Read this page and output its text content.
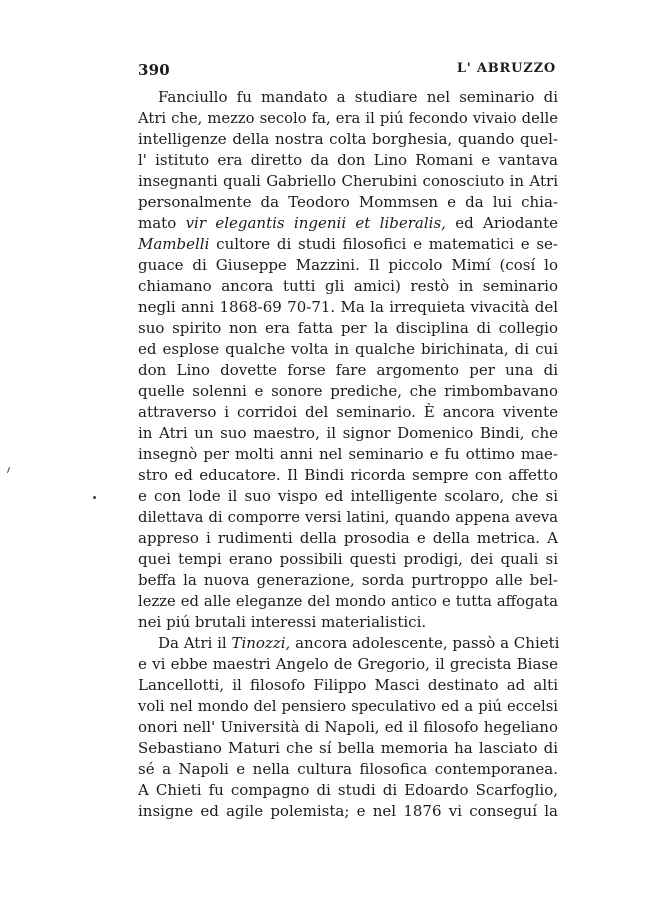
390	L' ABRUZZO
Fanciullo fu mandato a studiare nel seminario di
Atri che, mezzo secolo fa, era il piú fecondo vivaio delle
intelligenze della nostra colta borghesia, quando quel-
l' istituto era diretto da don Lino Romani e vantava
insegnanti quali Gabriello Cherubini conosciuto in Atri
personalmente da Teodoro Mommsen e da lui chia-
mato vir elegantis ingenii et liberalis, ed Ariodante
Mambelli cultore di studi filosofici e matematici e se-
guace di Giuseppe Mazzini. Il piccolo Mimí (cosí lo
chiamano ancora tutti gli amici) restò in seminario
negli anni 1868-69 70-71. Ma la irrequieta vivacità del
suo spirito non era fatta per la disciplina di collegio
ed esplose qualche volta in qualche birichinata, di cui
don Lino dovette forse fare argomento per una di
quelle solenni e sonore prediche, che rimbombavano
attraverso i corridoi del seminario. È ancora vivente
in Atri un suo maestro, il signor Domenico Bindi, che
insegnò per molti anni nel seminario e fu ottimo mae-
stro ed educatore. Il Bindi ricorda sempre con affetto
e con lode il suo vispo ed intelligente scolaro, che si
dilettava di comporre versi latini, quando appena aveva
appreso i rudimenti della prosodia e della metrica. A
quei tempi erano possibili questi prodigi, dei quali si
beffa la nuova generazione, sorda purtroppo alle bel-
lezze ed alle eleganze del mondo antico e tutta affogata
nei piú brutali interessi materialistici.
Da Atri il Tinozzi, ancora adolescente, passò a Chieti
e vi ebbe maestri Angelo de Gregorio, il grecista Biase
Lancellotti, il filosofo Filippo Masci destinato ad alti
voli nel mondo del pensiero speculativo ed a piú eccelsi
onori nell' Università di Napoli, ed il filosofo hegeliano
Sebastiano Maturi che sí bella memoria ha lasciato di
sé a Napoli e nella cultura filosofica contemporanea.
A Chieti fu compagno di studi di Edoardo Scarfoglio,
insigne ed agile polemista; e nel 1876 vi conseguí la
